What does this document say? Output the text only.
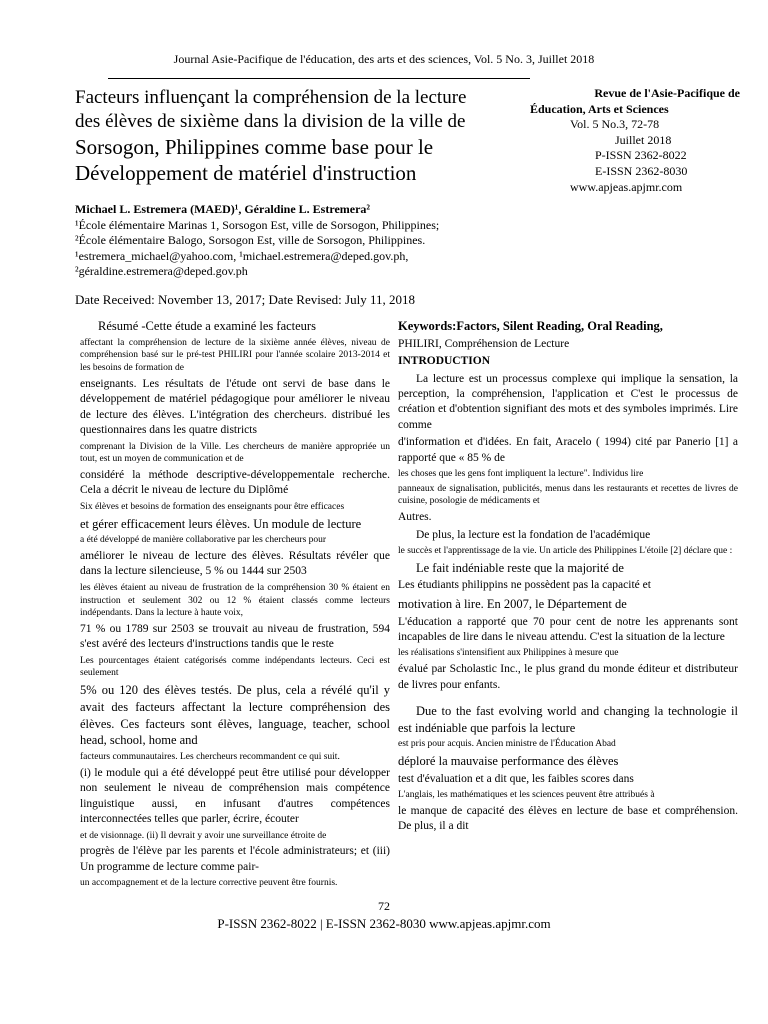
Journal Asie-Pacifique de l'éducation, des arts et des sciences, Vol. 5 No. 3, Juillet 2018
Facteurs influençant la compréhension de la lecture
des élèves de sixième dans la division de la ville de
Sorsogon, Philippines comme base pour le
Développement de matériel d'instruction
Revue de l'Asie-Pacifique de
Éducation, Arts et Sciences
Vol. 5 No.3, 72-78
Juillet 2018
P-ISSN 2362-8022
E-ISSN 2362-8030
www.apjeas.apjmr.com
Michael L. Estremera (MAED)¹, Géraldine L. Estremera²
¹École élémentaire Marinas 1, Sorsogon Est, ville de Sorsogon, Philippines;
²École élémentaire Balogo, Sorsogon Est, ville de Sorsogon, Philippines.
¹estremera_michael@yahoo.com, ¹michael.estremera@deped.gov.ph,
²géraldine.estremera@deped.gov.ph
Date Received: November 13, 2017; Date Revised: July 11, 2018

Résumé -Cette étude a examiné les facteurs

affectant la compréhension de lecture de la sixième année élèves, niveau de compréhension basé sur le pré-test PHILIRI pour l'année scolaire 2013-2014 et les besoins de formation de

enseignants. Les résultats de l'étude ont servi de base dans le développement de matériel pédagogique pour améliorer le niveau de lecture des élèves. L'intégration des chercheurs. distribué les questionnaires dans les quatre districts

comprenant la Division de la Ville. Les chercheurs de manière appropriée un tout, est un moyen de communication et de

considéré la méthode descriptive-développementale recherche. Cela a décrit le niveau de lecture du Diplômé

Six élèves et besoins de formation des enseignants pour être efficaces

et gérer efficacement leurs élèves. Un module de lecture

a été développé de manière collaborative par les chercheurs pour

améliorer le niveau de lecture des élèves. Résultats révéler que dans la lecture silencieuse, 5 % ou 1444 sur 2503

les élèves étaient au niveau de frustration de la compréhension 30 % étaient en instruction et seulement 302 ou 12 % étaient classés comme lecteurs indépendants. Dans la lecture à haute voix,

71 % ou 1789 sur 2503 se trouvait au niveau de frustration, 594 s'est avéré des lecteurs d'instructions tandis que le reste

Les pourcentages étaient catégorisés comme indépendants lecteurs. Ceci est seulement

5% ou 120 des élèves testés. De plus, cela a révélé qu'il y avait des facteurs affectant la lecture compréhension des élèves. Ces facteurs sont élèves, language, teacher, school head, school, home and

facteurs communautaires. Les chercheurs recommandent ce qui suit.

(i) le module qui a été développé peut être utilisé pour développer non seulement le niveau de compréhension mais compétence linguistique aussi, en infusant d'autres compétences interconnectées telles que parler, écrire, écouter

et de visionnage. (ii) Il devrait y avoir une surveillance étroite de

progrès de l'élève par les parents et l'école administrateurs; et (iii) Un programme de lecture comme pair-

un accompagnement et de la lecture corrective peuvent être fournis.

Keywords:Factors, Silent Reading, Oral Reading,

PHILIRI, Compréhension de Lecture

INTRODUCTION

La lecture est un processus complexe qui implique la sensation, la perception, la compréhension, l'application et C'est le processus de création et d'obtention signifiant des mots et des symboles imprimés. Lire comme

d'information et d'idées. En fait, Aracelo ( 1994) cité par Panerio [1] a rapporté que « 85 % de

les choses que les gens font impliquent la lecture". Individus lire

panneaux de signalisation, publicités, menus dans les restaurants et recettes de livres de cuisine, posologie de médicaments et

Autres.

De plus, la lecture est la fondation de l'académique

le succès et l'apprentissage de la vie. Un article des Philippines L'étoile [2] déclare que :

Le fait indéniable reste que la majorité de

Les étudiants philippins ne possèdent pas la capacité et

motivation à lire. En 2007, le Département de

L'éducation a rapporté que 70 pour cent de notre les apprenants sont incapables de lire dans le niveau attendu. C'est la situation de la lecture

les réalisations s'intensifient aux Philippines à mesure que

évalué par Scholastic Inc., le plus grand du monde éditeur et distributeur de livres pour enfants.

Due to the fast evolving world and changing la technologie il est indéniable que parfois la lecture

est pris pour acquis. Ancien ministre de l'Éducation Abad

déploré la mauvaise performance des élèves

test d'évaluation et a dit que, les faibles scores dans

L'anglais, les mathématiques et les sciences peuvent être attribués à

le manque de capacité des élèves en lecture de base et compréhension. De plus, il a dit

72
P-ISSN 2362-8022 | E-ISSN 2362-8030 www.apjeas.apjmr.com
